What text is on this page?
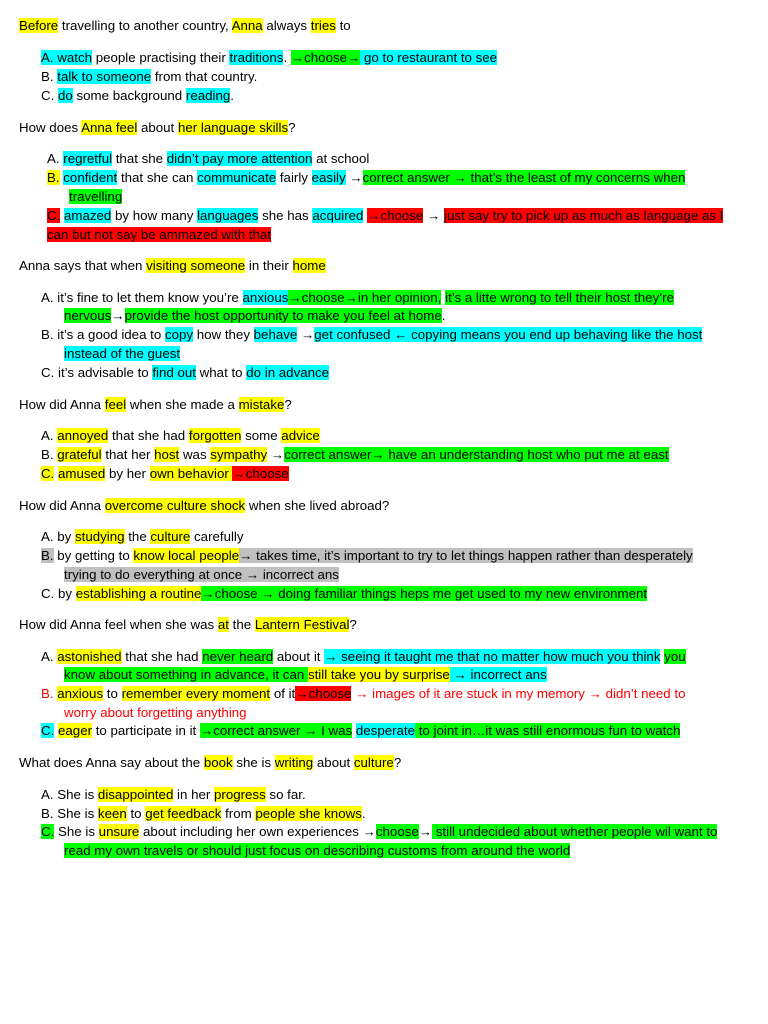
Before travelling to another country, Anna always tries to
A. watch people practising their traditions. →choose→ go to restaurant to see
B. talk to someone from that country.
C. do some background reading.
How does Anna feel about her language skills?
A. regretful that she didn’t pay more attention at school
B. confident that she can communicate fairly easily →correct answer → that’s the least of my concerns when
travelling
C. amazed by how many languages she has acquired →choose → just say try to pick up as much as language as I
can but not say be ammazed with that
Anna says that when visiting someone in their home
A. it’s fine to let them know you’re anxious→choose→in her opinion, it’s a litte wrong to tell their host they’re
nervous→provide the host opportunity to make you feel at home.
B. it’s a good idea to copy how they behave →get confused ← copying means you end up behaving like the host
instead of the guest
C. it’s advisable to find out what to do in advance
How did Anna feel when she made a mistake?
A. annoyed that she had forgotten some advice
B. grateful that her host was sympathy →correct answer→ have an understanding host who put me at east
C. amused by her own behavior →choose
How did Anna overcome culture shock when she lived abroad?
A. by studying the culture carefully
B. by getting to know local people→ takes time, it’s important to try to let things happen rather than desperately
trying to do everything at once → incorrect ans
C. by establishing a routine→choose → doing familiar things heps me get used to my new environment
How did Anna feel when she was at the Lantern Festival?
A. astonished that she had never heard about it → seeing it taught me that no matter how much you think you
know about something in advance, it can still take you by surprise → incorrect ans
B. anxious to remember every moment of it→choose → images of it are stuck in my memory → didn’t need to
worry about forgetting anything
C. eager to participate in it →correct answer → I was desperate to joint in…it was still enormous fun to watch
What does Anna say about the book she is writing about culture?
A. She is disappointed in her progress so far.
B. She is keen to get feedback from people she knows.
C. She is unsure about including her own experiences →choose→ still undecided about whether people wil want to
read my own travels or should just focus on describing customs from around the world
